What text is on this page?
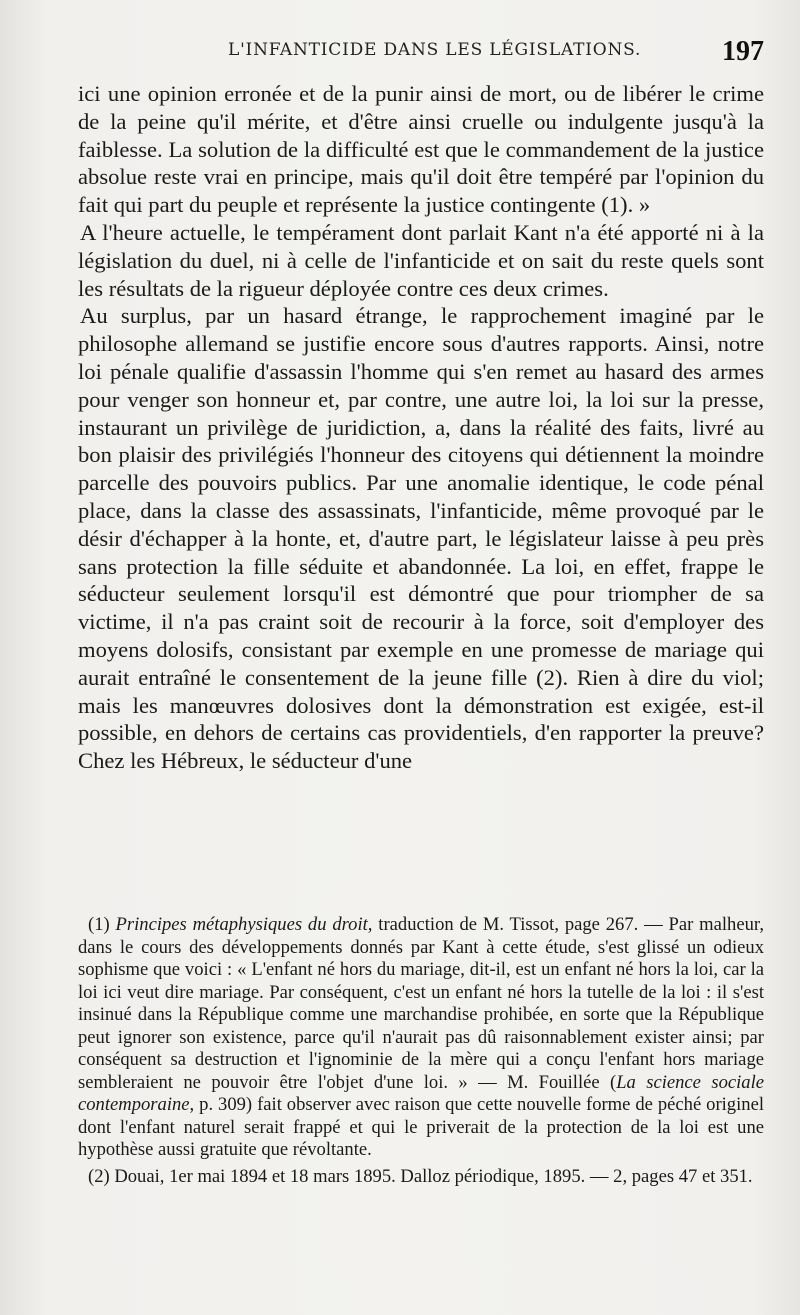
L'INFANTICIDE DANS LES LÉGISLATIONS.	197

ici une opinion erronée et de la punir ainsi de mort, ou de libérer le crime de la peine qu'il mérite, et d'être ainsi cruelle ou indulgente jusqu'à la faiblesse. La solution de la difficulté est que le commandement de la justice absolue reste vrai en principe, mais qu'il doit être tempéré par l'opinion du fait qui part du peuple et représente la justice contingente (1). »

A l'heure actuelle, le tempérament dont parlait Kant n'a été apporté ni à la législation du duel, ni à celle de l'infanticide et on sait du reste quels sont les résultats de la rigueur déployée contre ces deux crimes.

Au surplus, par un hasard étrange, le rapprochement imaginé par le philosophe allemand se justifie encore sous d'autres rapports. Ainsi, notre loi pénale qualifie d'assassin l'homme qui s'en remet au hasard des armes pour venger son honneur et, par contre, une autre loi, la loi sur la presse, instaurant un privilège de juridiction, a, dans la réalité des faits, livré au bon plaisir des privilégiés l'honneur des citoyens qui détiennent la moindre parcelle des pouvoirs publics. Par une anomalie identique, le code pénal place, dans la classe des assassinats, l'infanticide, même provoqué par le désir d'échapper à la honte, et, d'autre part, le législateur laisse à peu près sans protection la fille séduite et abandonnée. La loi, en effet, frappe le séducteur seulement lorsqu'il est démontré que pour triompher de sa victime, il n'a pas craint soit de recourir à la force, soit d'employer des moyens dolosifs, consistant par exemple en une promesse de mariage qui aurait entraîné le consentement de la jeune fille (2). Rien à dire du viol; mais les manœuvres dolosives dont la démonstration est exigée, est-il possible, en dehors de certains cas providentiels, d'en rapporter la preuve? Chez les Hébreux, le séducteur d'une

(1) Principes métaphysiques du droit, traduction de M. Tissot, page 267. — Par malheur, dans le cours des développements donnés par Kant à cette étude, s'est glissé un odieux sophisme que voici : « L'enfant né hors du mariage, dit-il, est un enfant né hors la loi, car la loi ici veut dire mariage. Par conséquent, c'est un enfant né hors la tutelle de la loi : il s'est insinué dans la République comme une marchandise prohibée, en sorte que la République peut ignorer son existence, parce qu'il n'aurait pas dû raisonnablement exister ainsi; par conséquent sa destruction et l'ignominie de la mère qui a conçu l'enfant hors mariage sembleraient ne pouvoir être l'objet d'une loi. » — M. Fouillée (La science sociale contemporaine, p. 309) fait observer avec raison que cette nouvelle forme de péché originel dont l'enfant naturel serait frappé et qui le priverait de la protection de la loi est une hypothèse aussi gratuite que révoltante.

(2) Douai, 1er mai 1894 et 18 mars 1895. Dalloz périodique, 1895. — 2, pages 47 et 351.
